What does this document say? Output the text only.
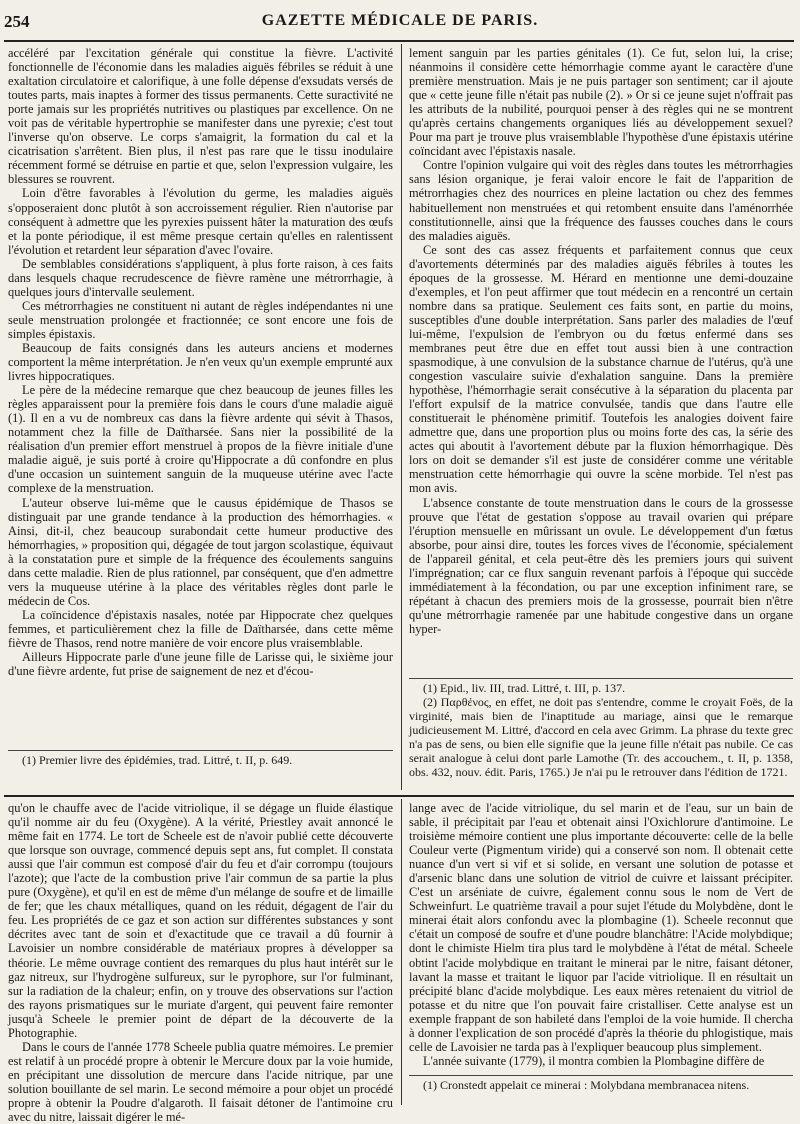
254	GAZETTE MÉDICALE DE PARIS.

accéléré par l'excitation générale qui constitue la fièvre. L'activité fonctionnelle de l'économie dans les maladies aiguës fébriles se réduit à une exaltation circulatoire et calorifique, à une folle dépense d'exsudats versés de toutes parts, mais inaptes à former des tissus permanents. Cette suractivité ne porte jamais sur les propriétés nutritives ou plastiques par excellence. On ne voit pas de véritable hypertrophie se manifester dans une pyrexie; c'est tout l'inverse qu'on observe. Le corps s'amaigrit, la formation du cal et la cicatrisation s'arrêtent. Bien plus, il n'est pas rare que le tissu inodulaire récemment formé se détruise en partie et que, selon l'expression vulgaire, les blessures se rouvrent.

Loin d'être favorables à l'évolution du germe, les maladies aiguës s'opposeraient donc plutôt à son accroissement régulier. Rien n'autorise par conséquent à admettre que les pyrexies puissent hâter la maturation des œufs et la ponte périodique, il est même presque certain qu'elles en ralentissent l'évolution et retardent leur séparation d'avec l'ovaire.

De semblables considérations s'appliquent, à plus forte raison, à ces faits dans lesquels chaque recrudescence de fièvre ramène une métrorrhagie, à quelques jours d'intervalle seulement.

Ces métrorrhagies ne constituent ni autant de règles indépendantes ni une seule menstruation prolongée et fractionnée; ce sont encore une fois de simples épistaxis.

Beaucoup de faits consignés dans les auteurs anciens et modernes comportent la même interprétation. Je n'en veux qu'un exemple emprunté aux livres hippocratiques.

Le père de la médecine remarque que chez beaucoup de jeunes filles les règles apparaissent pour la première fois dans le cours d'une maladie aiguë (1). Il en a vu de nombreux cas dans la fièvre ardente qui sévit à Thasos, notamment chez la fille de Daïtharsée. Sans nier la possibilité de la réalisation d'un premier effort menstruel à propos de la fièvre initiale d'une maladie aiguë, je suis porté à croire qu'Hippocrate a dû confondre en plus d'une occasion un suintement sanguin de la muqueuse utérine avec l'acte complexe de la menstruation.

L'auteur observe lui-même que le causus épidémique de Thasos se distinguait par une grande tendance à la production des hémorrhagies. « Ainsi, dit-il, chez beaucoup surabondait cette humeur productive des hémorrhagies, » proposition qui, dégagée de tout jargon scolastique, équivaut à la constatation pure et simple de la fréquence des écoulements sanguins dans cette maladie. Rien de plus rationnel, par conséquent, que d'en admettre vers la muqueuse utérine à la place des véritables règles dont parle le médecin de Cos.

La coïncidence d'épistaxis nasales, notée par Hippocrate chez quelques femmes, et particulièrement chez la fille de Daïtharsée, dans cette même fièvre de Thasos, rend notre manière de voir encore plus vraisemblable.

Ailleurs Hippocrate parle d'une jeune fille de Larisse qui, le sixième jour d'une fièvre ardente, fut prise de saignement de nez et d'écou-

(1) Premier livre des épidémies, trad. Littré, t. II, p. 649.

lement sanguin par les parties génitales (1). Ce fut, selon lui, la crise; néanmoins il considère cette hémorrhagie comme ayant le caractère d'une première menstruation. Mais je ne puis partager son sentiment; car il ajoute que « cette jeune fille n'était pas nubile (2). » Or si ce jeune sujet n'offrait pas les attributs de la nubilité, pourquoi penser à des règles qui ne se montrent qu'après certains changements organiques liés au développement sexuel? Pour ma part je trouve plus vraisemblable l'hypothèse d'une épistaxis utérine coïncidant avec l'épistaxis nasale.

Contre l'opinion vulgaire qui voit des règles dans toutes les métrorrhagies sans lésion organique, je ferai valoir encore le fait de l'apparition de métrorrhagies chez des nourrices en pleine lactation ou chez des femmes habituellement non menstruées et qui retombent ensuite dans l'aménorrhée constitutionnelle, ainsi que la fréquence des fausses couches dans le cours des maladies aiguës.

Ce sont des cas assez fréquents et parfaitement connus que ceux d'avortements déterminés par des maladies aiguës fébriles à toutes les époques de la grossesse. M. Hérard en mentionne une demi-douzaine d'exemples, et l'on peut affirmer que tout médecin en a rencontré un certain nombre dans sa pratique. Seulement ces faits sont, en partie du moins, susceptibles d'une double interprétation. Sans parler des maladies de l'œuf lui-même, l'expulsion de l'embryon ou du fœtus enfermé dans ses membranes peut être due en effet tout aussi bien à une contraction spasmodique, à une convulsion de la substance charnue de l'utérus, qu'à une congestion vasculaire suivie d'exhalation sanguine. Dans la première hypothèse, l'hémorrhagie serait consécutive à la séparation du placenta par l'effort expulsif de la matrice convulsée, tandis que dans l'autre elle constituerait le phénomène primitif. Toutefois les analogies doivent faire admettre que, dans une proportion plus ou moins forte des cas, la série des actes qui aboutit à l'avortement débute par la fluxion hémorrhagique. Dès lors on doit se demander s'il est juste de considérer comme une véritable menstruation cette hémorrhagie qui ouvre la scène morbide. Tel n'est pas mon avis.

L'absence constante de toute menstruation dans le cours de la grossesse prouve que l'état de gestation s'oppose au travail ovarien qui prépare l'éruption mensuelle en mûrissant un ovule. Le développement d'un fœtus absorbe, pour ainsi dire, toutes les forces vives de l'économie, spécialement de l'appareil génital, et cela peut-être dès les premiers jours qui suivent l'imprégnation; car ce flux sanguin revenant parfois à l'époque qui succède immédiatement à la fécondation, ou par une exception infiniment rare, se répétant à chacun des premiers mois de la grossesse, pourrait bien n'être qu'une métrorrhagie ramenée par une habitude congestive dans un organe hyper-

(1) Epid., liv. III, trad. Littré, t. III, p. 137.

(2) Παρθένος, en effet, ne doit pas s'entendre, comme le croyait Foës, de la virginité, mais bien de l'inaptitude au mariage, ainsi que le remarque judicieusement M. Littré, d'accord en cela avec Grimm. La phrase du texte grec n'a pas de sens, ou bien elle signifie que la jeune fille n'était pas nubile. Ce cas serait analogue à celui dont parle Lamothe (Tr. des accouchem., t. II, p. 1358, obs. 432, nouv. édit. Paris, 1765.) Je n'ai pu le retrouver dans l'édition de 1721.

qu'on le chauffe avec de l'acide vitriolique, il se dégage un fluide élastique qu'il nomme air du feu (Oxygène). A la vérité, Priestley avait annoncé le même fait en 1774. Le tort de Scheele est de n'avoir publié cette découverte que lorsque son ouvrage, commencé depuis sept ans, fut complet. Il constata aussi que l'air commun est composé d'air du feu et d'air corrompu (toujours l'azote); que l'acte de la combustion prive l'air commun de sa partie la plus pure (Oxygène), et qu'il en est de même d'un mélange de soufre et de limaille de fer; que les chaux métalliques, quand on les réduit, dégagent de l'air du feu. Les propriétés de ce gaz et son action sur différentes substances y sont décrites avec tant de soin et d'exactitude que ce travail a dû fournir à Lavoisier un nombre considérable de matériaux propres à développer sa théorie. Le même ouvrage contient des remarques du plus haut intérêt sur le gaz nitreux, sur l'hydrogène sulfureux, sur le pyrophore, sur l'or fulminant, sur la radiation de la chaleur; enfin, on y trouve des observations sur l'action des rayons prismatiques sur le muriate d'argent, qui peuvent faire remonter jusqu'à Scheele le premier point de départ de la découverte de la Photographie.

Dans le cours de l'année 1778 Scheele publia quatre mémoires. Le premier est relatif à un procédé propre à obtenir le Mercure doux par la voie humide, en précipitant une dissolution de mercure dans l'acide nitrique, par une solution bouillante de sel marin. Le second mémoire a pour objet un procédé propre à obtenir la Poudre d'algaroth. Il faisait détoner de l'antimoine cru avec du nitre, laissait digérer le mé-

lange avec de l'acide vitriolique, du sel marin et de l'eau, sur un bain de sable, il précipitait par l'eau et obtenait ainsi l'Oxichlorure d'antimoine. Le troisième mémoire contient une plus importante découverte: celle de la belle Couleur verte (Pigmentum viride) qui a conservé son nom. Il obtenait cette nuance d'un vert si vif et si solide, en versant une solution de potasse et d'arsenic blanc dans une solution de vitriol de cuivre et laissant précipiter. C'est un arséniate de cuivre, également connu sous le nom de Vert de Schweinfurt. Le quatrième travail a pour sujet l'étude du Molybdène, dont le minerai était alors confondu avec la plombagine (1). Scheele reconnut que c'était un composé de soufre et d'une poudre blanchâtre: l'Acide molybdique; dont le chimiste Hielm tira plus tard le molybdène à l'état de métal. Scheele obtint l'acide molybdique en traitant le minerai par le nitre, faisant détoner, lavant la masse et traitant le liquor par l'acide vitriolique. Il en résultait un précipité blanc d'acide molybdique. Les eaux mères retenaient du vitriol de potasse et du nitre que l'on pouvait faire cristalliser. Cette analyse est un exemple frappant de son habileté dans l'emploi de la voie humide. Il chercha à donner l'explication de son procédé d'après la théorie du phlogistique, mais celle de Lavoisier ne tarda pas à l'expliquer beaucoup plus simplement.

L'année suivante (1779), il montra combien la Plombagine diffère de

(1) Cronstedt appelait ce minerai : Molybdana membranacea nitens.
